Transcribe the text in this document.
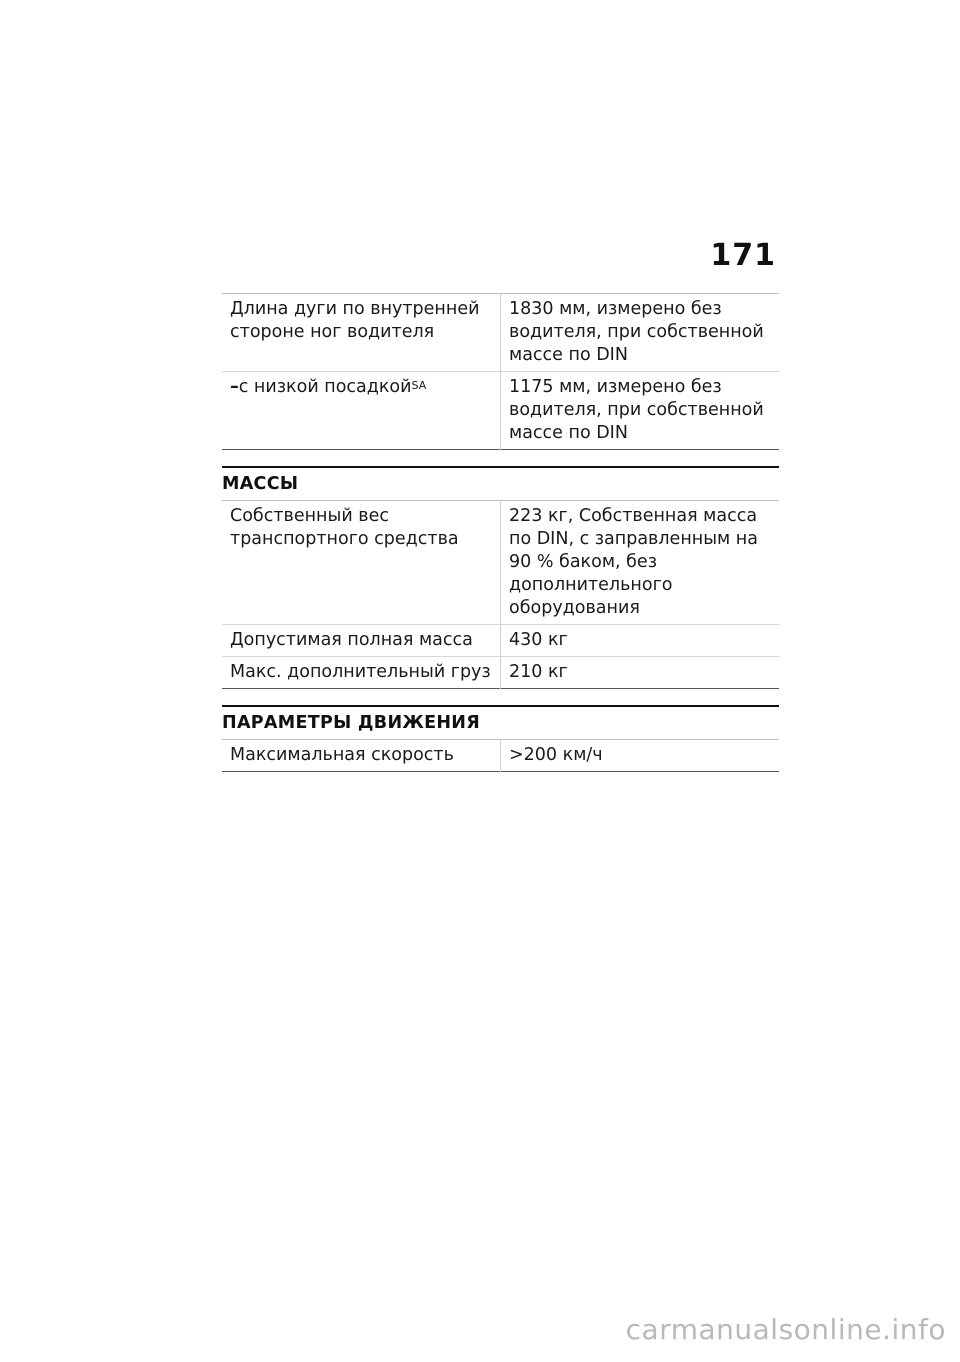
171
Длина дуги по внутренней стороне ног водителя	1830 мм, измерено без водителя, при собственной массе по DIN
–с низкой посадкой$^{SA}$	1175 мм, измерено без водителя, при собственной массе по DIN
МАССЫ
Собственный вес транспортного средства	223 кг, Собственная масса по DIN, с заправленным на 90 % баком, без дополнительного оборудования
Допустимая полная масса	430 кг
Макс. дополнительный груз	210 кг
ПАРАМЕТРЫ ДВИЖЕНИЯ
Максимальная скорость	>200 км/ч
carmanualsonline.info
